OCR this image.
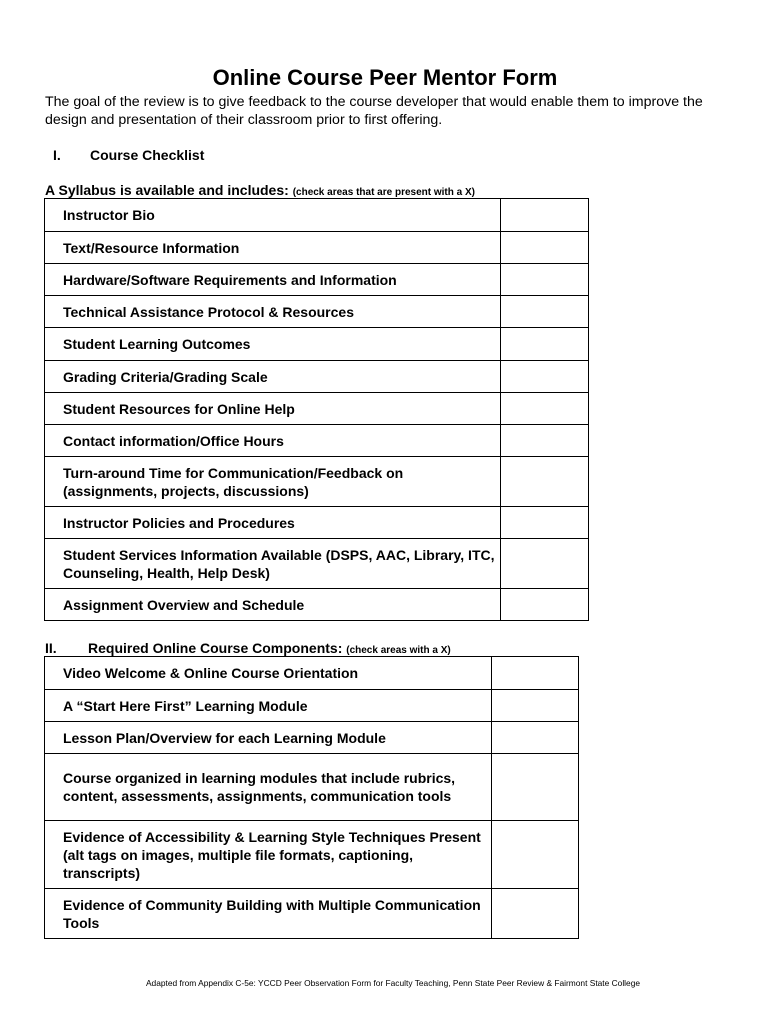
Online Course Peer Mentor Form
The goal of the review is to give feedback to the course developer that would enable them to improve the design and presentation of their classroom prior to first offering.
I. Course Checklist
A Syllabus is available and includes: (check areas that are present with a X)
Instructor Bio	
Text/Resource Information	
Hardware/Software Requirements and Information	
Technical Assistance Protocol & Resources	
Student Learning Outcomes	
Grading Criteria/Grading Scale	
Student Resources for Online Help	
Contact information/Office Hours	
Turn-around Time for Communication/Feedback on (assignments, projects, discussions)	
Instructor Policies and Procedures	
Student Services Information Available (DSPS, AAC, Library, ITC, Counseling, Health, Help Desk)	
Assignment Overview and Schedule	
II. Required Online Course Components: (check areas with a X)
Video Welcome & Online Course Orientation	
A “Start Here First” Learning Module	
Lesson Plan/Overview for each Learning Module	
Course organized in learning modules that include rubrics, content, assessments, assignments, communication tools	
Evidence of Accessibility & Learning Style Techniques Present (alt tags on images, multiple file formats, captioning, transcripts)	
Evidence of Community Building with Multiple Communication Tools	
Adapted from Appendix C-5e: YCCD Peer Observation Form for Faculty Teaching, Penn State Peer Review & Fairmont State College
